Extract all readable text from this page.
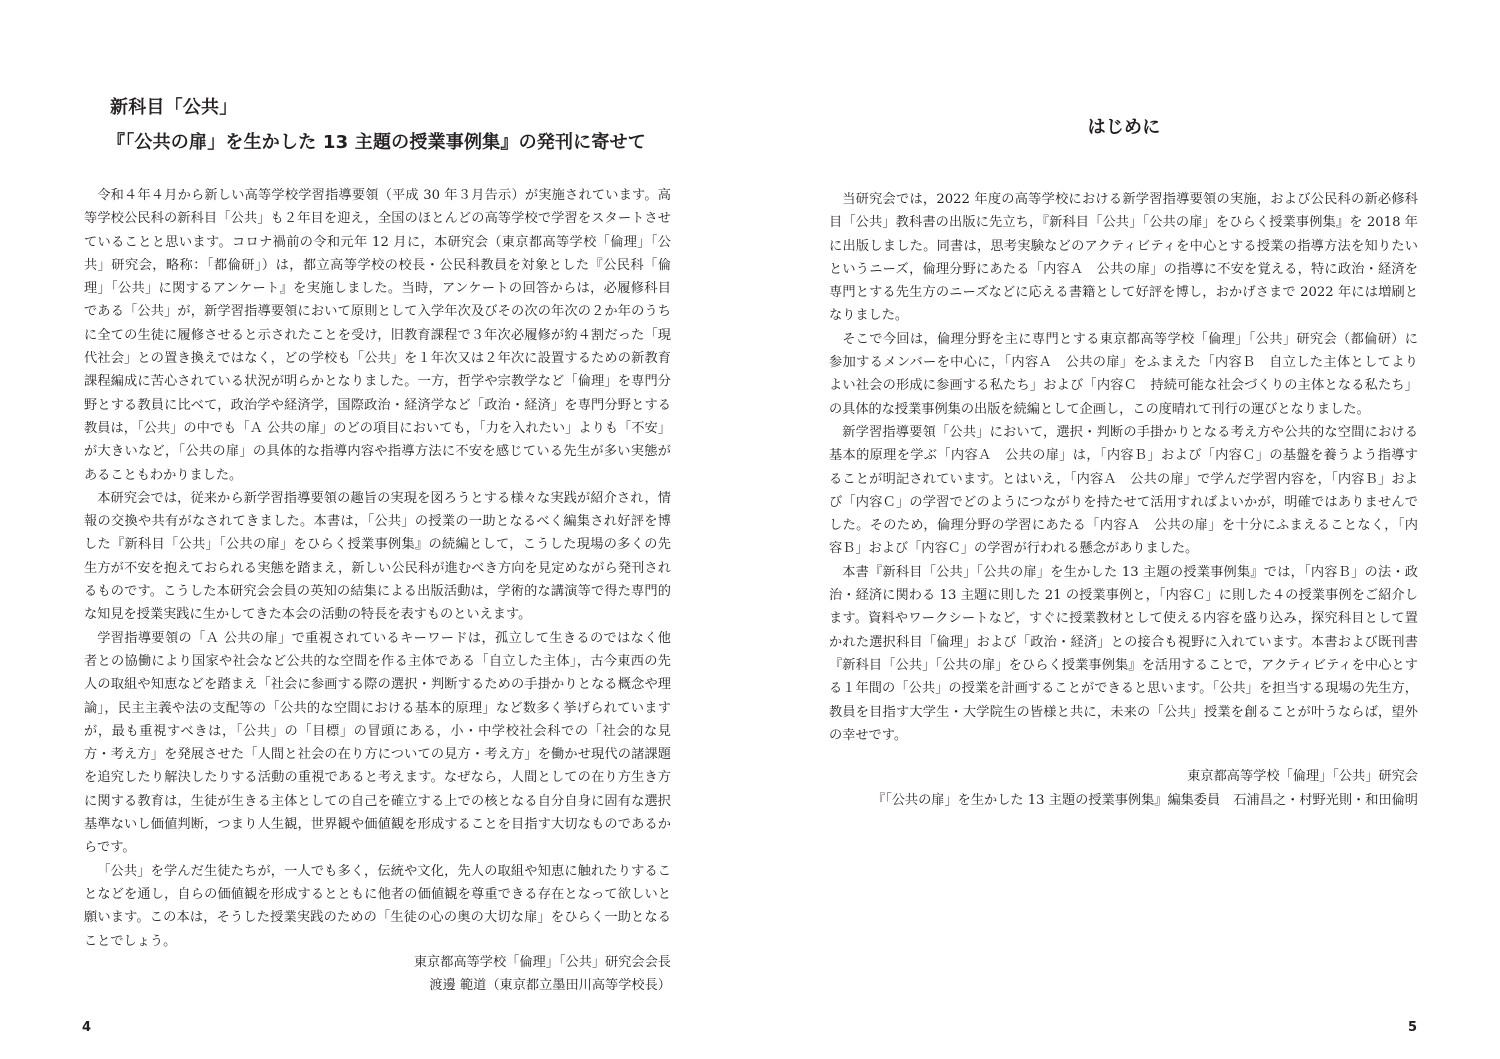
新科目「公共」
『「公共の扉」を生かした 13 主題の授業事例集』の発刊に寄せて
令和４年４月から新しい高等学校学習指導要領（平成 30 年３月告示）が実施されています。高
等学校公民科の新科目「公共」も２年目を迎え，全国のほとんどの高等学校で学習をスタートさせ
ていることと思います。コロナ禍前の令和元年 12 月に，本研究会（東京都高等学校「倫理」「公
共」研究会，略称：「都倫研」）は，都立高等学校の校長・公民科教員を対象とした『公民科「倫
理」「公共」に関するアンケート』を実施しました。当時，アンケートの回答からは，必履修科目
である「公共」が，新学習指導要領において原則として入学年次及びその次の年次の２か年のうち
に全ての生徒に履修させると示されたことを受け，旧教育課程で３年次必履修が約４割だった「現
代社会」との置き換えではなく，どの学校も「公共」を１年次又は２年次に設置するための新教育
課程編成に苦心されている状況が明らかとなりました。一方，哲学や宗教学など「倫理」を専門分
野とする教員に比べて，政治学や経済学，国際政治・経済学など「政治・経済」を専門分野とする
教員は，「公共」の中でも「Ａ 公共の扉」のどの項目においても，「力を入れたい」よりも「不安」
が大きいなど，「公共の扉」の具体的な指導内容や指導方法に不安を感じている先生が多い実態が
あることもわかりました。
本研究会では，従来から新学習指導要領の趣旨の実現を図ろうとする様々な実践が紹介され，情
報の交換や共有がなされてきました。本書は，「公共」の授業の一助となるべく編集され好評を博
した『新科目「公共」「公共の扉」をひらく授業事例集』の続編として，こうした現場の多くの先
生方が不安を抱えておられる実態を踏まえ，新しい公民科が進むべき方向を見定めながら発刊され
るものです。こうした本研究会会員の英知の結集による出版活動は，学術的な講演等で得た専門的
な知見を授業実践に生かしてきた本会の活動の特長を表すものといえます。
学習指導要領の「Ａ 公共の扉」で重視されているキーワードは，孤立して生きるのではなく他
者との協働により国家や社会など公共的な空間を作る主体である「自立した主体」，古今東西の先
人の取組や知恵などを踏まえ「社会に参画する際の選択・判断するための手掛かりとなる概念や理
論」，民主主義や法の支配等の「公共的な空間における基本的原理」など数多く挙げられています
が，最も重視すべきは，「公共」の「目標」の冒頭にある，小・中学校社会科での「社会的な見
方・考え方」を発展させた「人間と社会の在り方についての見方・考え方」を働かせ現代の諸課題
を追究したり解決したりする活動の重視であると考えます。なぜなら，人間としての在り方生き方
に関する教育は，生徒が生きる主体としての自己を確立する上での核となる自分自身に固有な選択
基準ないし価値判断，つまり人生観，世界観や価値観を形成することを目指す大切なものであるか
らです。
「公共」を学んだ生徒たちが，一人でも多く，伝統や文化，先人の取組や知恵に触れたりするこ
となどを通し，自らの価値観を形成するとともに他者の価値観を尊重できる存在となって欲しいと
願います。この本は，そうした授業実践のための「生徒の心の奥の大切な扉」をひらく一助となる
ことでしょう。
東京都高等学校「倫理」「公共」研究会会長
渡邊 範道（東京都立墨田川高等学校長）
4
はじめに
当研究会では，2022 年度の高等学校における新学習指導要領の実施，および公民科の新必修科
目「公共」教科書の出版に先立ち，『新科目「公共」「公共の扉」をひらく授業事例集』を 2018 年
に出版しました。同書は，思考実験などのアクティビティを中心とする授業の指導方法を知りたい
というニーズ，倫理分野にあたる「内容Ａ　公共の扉」の指導に不安を覚える，特に政治・経済を
専門とする先生方のニーズなどに応える書籍として好評を博し，おかげさまで 2022 年には増刷と
なりました。
そこで今回は，倫理分野を主に専門とする東京都高等学校「倫理」「公共」研究会（都倫研）に
参加するメンバーを中心に，「内容Ａ　公共の扉」をふまえた「内容Ｂ　自立した主体としてより
よい社会の形成に参画する私たち」および「内容Ｃ　持続可能な社会づくりの主体となる私たち」
の具体的な授業事例集の出版を続編として企画し，この度晴れて刊行の運びとなりました。
新学習指導要領「公共」において，選択・判断の手掛かりとなる考え方や公共的な空間における
基本的原理を学ぶ「内容Ａ　公共の扉」は，「内容Ｂ」および「内容Ｃ」の基盤を養うよう指導す
ることが明記されています。とはいえ，「内容Ａ　公共の扉」で学んだ学習内容を，「内容Ｂ」およ
び「内容Ｃ」の学習でどのようにつながりを持たせて活用すればよいかが，明確ではありませんで
した。そのため，倫理分野の学習にあたる「内容Ａ　公共の扉」を十分にふまえることなく，「内
容Ｂ」および「内容Ｃ」の学習が行われる懸念がありました。
本書『新科目「公共」「公共の扉」を生かした 13 主題の授業事例集』では，「内容Ｂ」の法・政
治・経済に関わる 13 主題に則した 21 の授業事例と，「内容Ｃ」に則した４の授業事例をご紹介し
ます。資料やワークシートなど，すぐに授業教材として使える内容を盛り込み，探究科目として置
かれた選択科目「倫理」および「政治・経済」との接合も視野に入れています。本書および既刊書
『新科目「公共」「公共の扉」をひらく授業事例集』を活用することで，アクティビティを中心とす
る１年間の「公共」の授業を計画することができると思います。「公共」を担当する現場の先生方，
教員を目指す大学生・大学院生の皆様と共に，未来の「公共」授業を創ることが叶うならば，望外
の幸せです。
東京都高等学校「倫理」「公共」研究会
『「公共の扉」を生かした 13 主題の授業事例集』編集委員　石浦昌之・村野光則・和田倫明
5
